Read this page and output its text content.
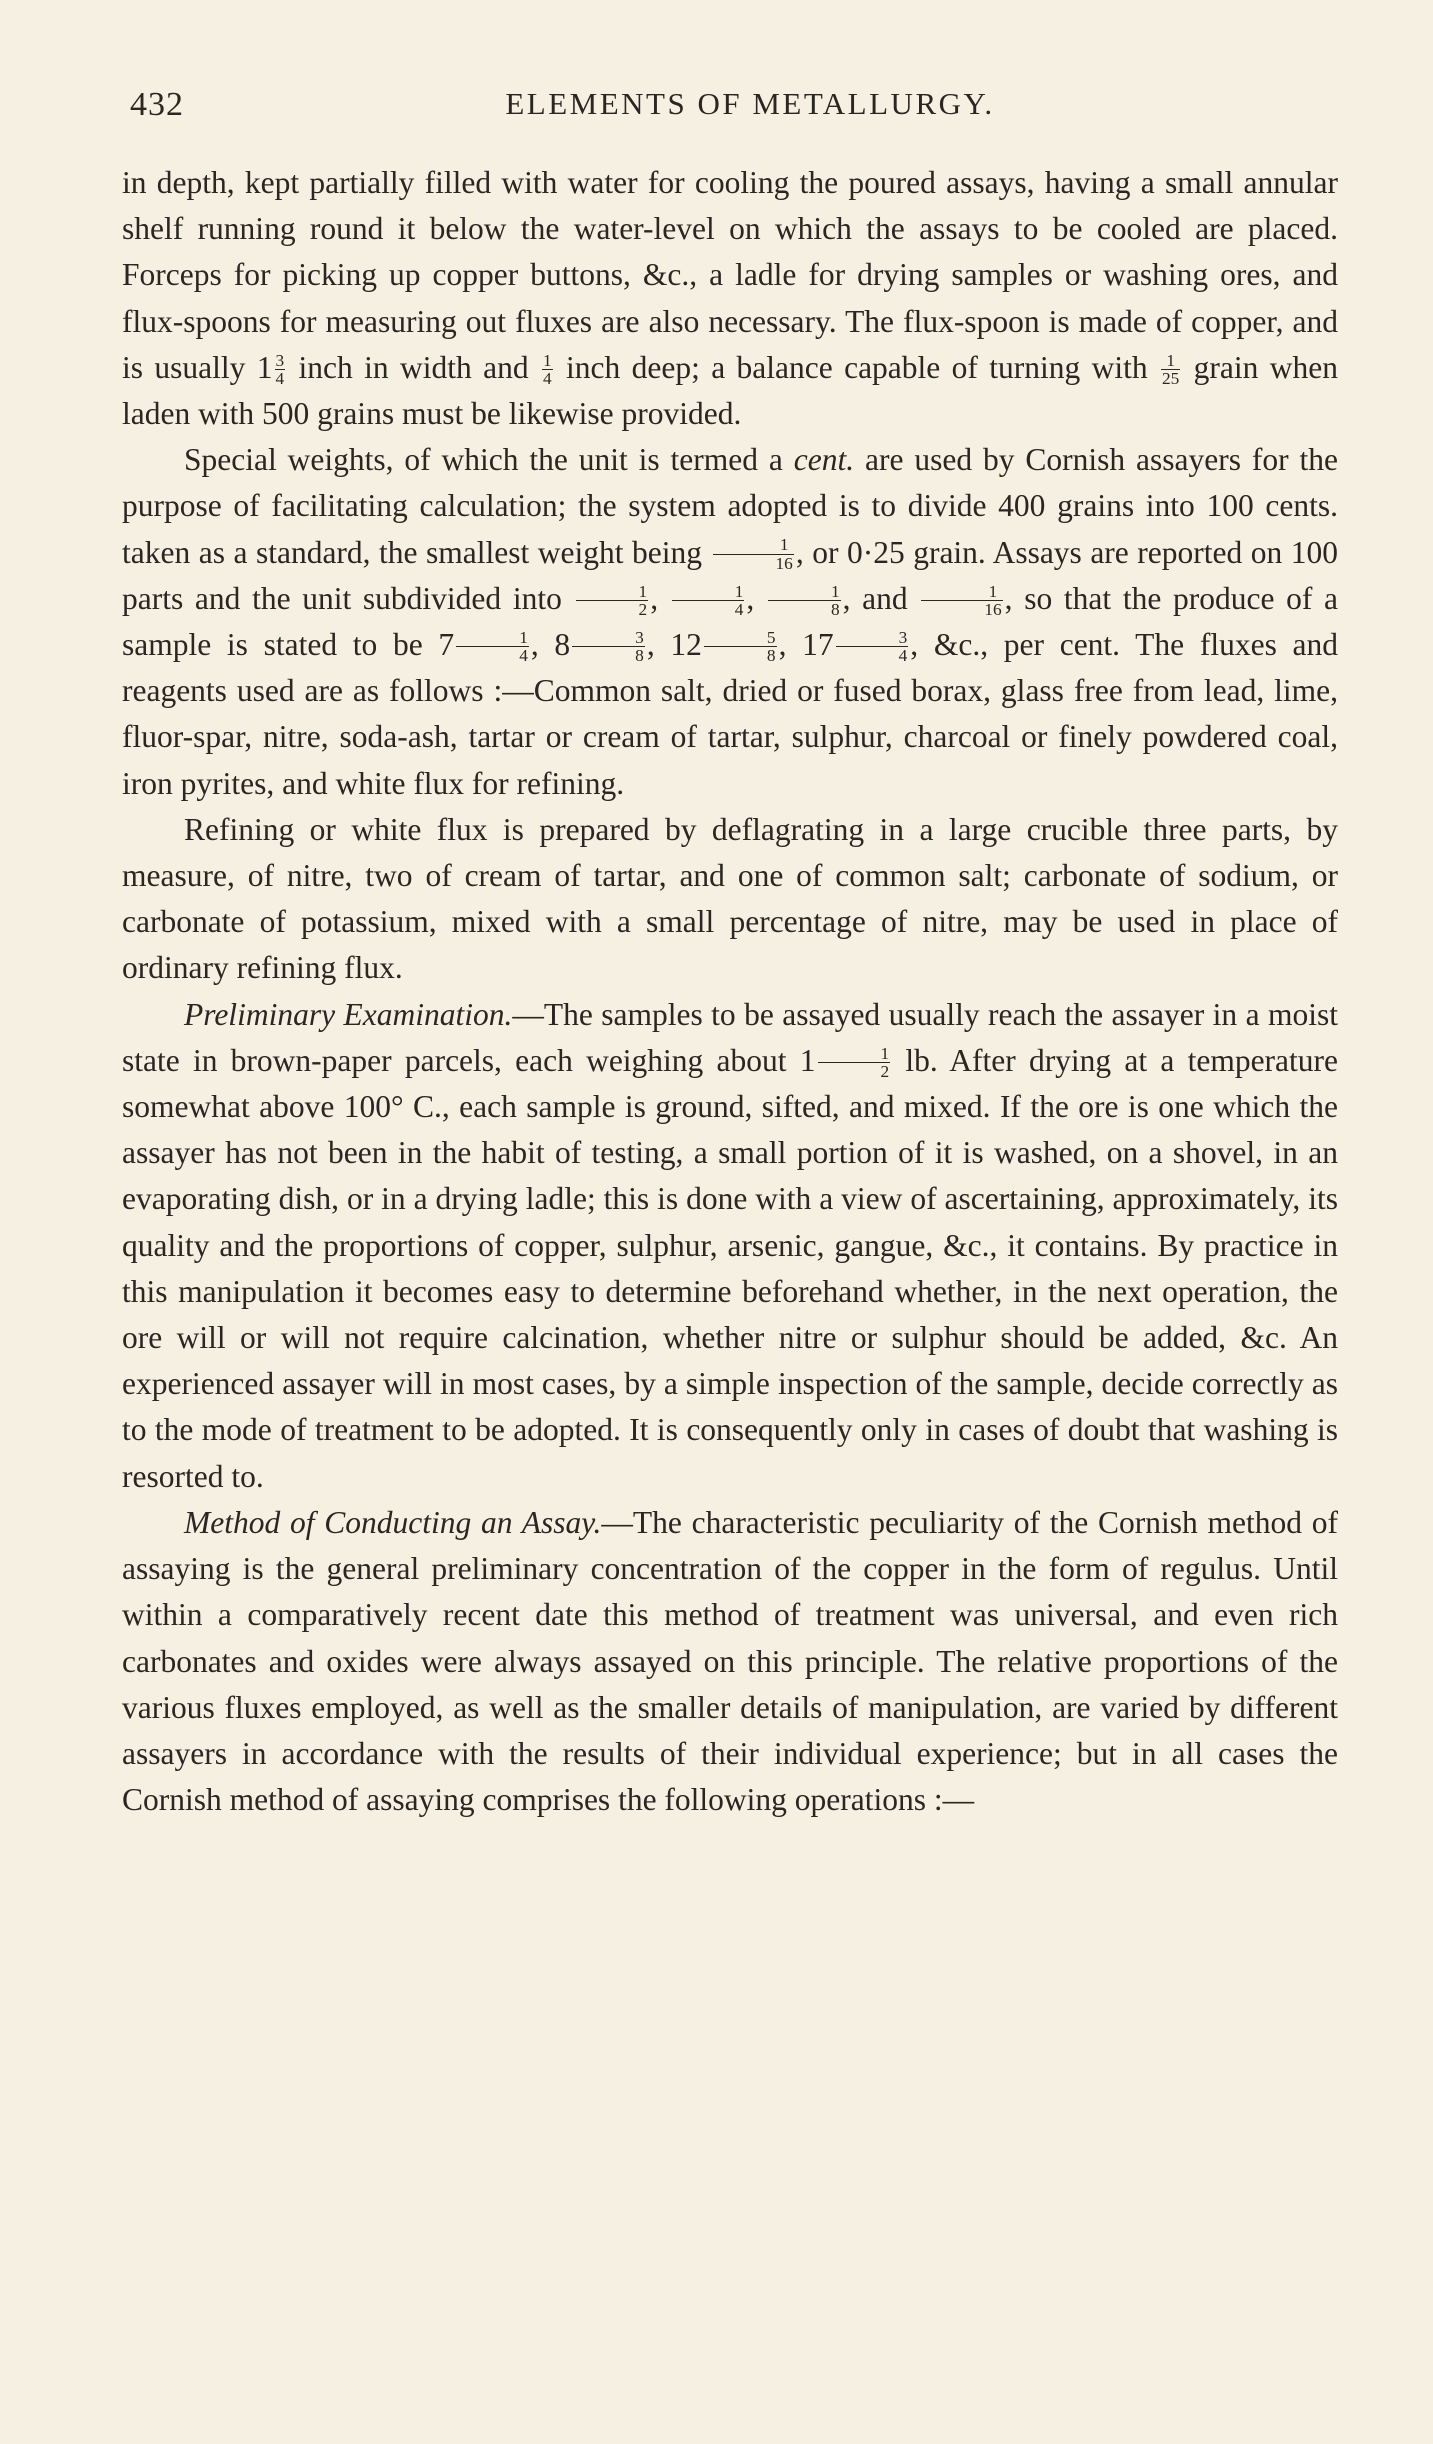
432	ELEMENTS OF METALLURGY.

in depth, kept partially filled with water for cooling the poured assays, having a small annular shelf running round it below the water-level on which the assays to be cooled are placed. Forceps for picking up copper buttons, &c., a ladle for drying samples or washing ores, and flux-spoons for measuring out fluxes are also necessary. The flux-spoon is made of copper, and is usually $1 \frac{3}{4}$ inch in width and $\frac{1}{4}$ inch deep; a balance capable of turning with $\frac{1}{25}$ grain when laden with 500 grains must be likewise provided.

Special weights, of which the unit is termed a cent. are used by Cornish assayers for the purpose of facilitating calculation; the system adopted is to divide 400 grains into 100 cents. taken as a standard, the smallest weight being $\frac{1}{16}$ , or 0·25 grain. Assays are reported on 100 parts and the unit subdivided into $\frac{1}{2}$ , $\frac{1}{4}$ , $\frac{1}{8}$ , and $\frac{1}{16}$ , so that the produce of a sample is stated to be $7 \frac{1}{4}$ , $8 \frac{3}{8}$ , $12 \frac{5}{8}$ , $17 \frac{3}{4}$ , &c., per cent. The fluxes and reagents used are as follows :—Common salt, dried or fused borax, glass free from lead, lime, fluor-spar, nitre, soda-ash, tartar or cream of tartar, sulphur, charcoal or finely powdered coal, iron pyrites, and white flux for refining.

Refining or white flux is prepared by deflagrating in a large crucible three parts, by measure, of nitre, two of cream of tartar, and one of common salt; carbonate of sodium, or carbonate of potassium, mixed with a small percentage of nitre, may be used in place of ordinary refining flux.

Preliminary Examination.—The samples to be assayed usually reach the assayer in a moist state in brown-paper parcels, each weighing about $1 \frac{1}{2}$ lb. After drying at a temperature somewhat above 100° C., each sample is ground, sifted, and mixed. If the ore is one which the assayer has not been in the habit of testing, a small portion of it is washed, on a shovel, in an evaporating dish, or in a drying ladle; this is done with a view of ascertaining, approximately, its quality and the proportions of copper, sulphur, arsenic, gangue, &c., it contains. By practice in this manipulation it becomes easy to determine beforehand whether, in the next operation, the ore will or will not require calcination, whether nitre or sulphur should be added, &c. An experienced assayer will in most cases, by a simple inspection of the sample, decide correctly as to the mode of treatment to be adopted. It is consequently only in cases of doubt that washing is resorted to.

Method of Conducting an Assay.—The characteristic peculiarity of the Cornish method of assaying is the general preliminary concentration of the copper in the form of regulus. Until within a comparatively recent date this method of treatment was universal, and even rich carbonates and oxides were always assayed on this principle. The relative proportions of the various fluxes employed, as well as the smaller details of manipulation, are varied by different assayers in accordance with the results of their individual experience; but in all cases the Cornish method of assaying comprises the following operations :—
